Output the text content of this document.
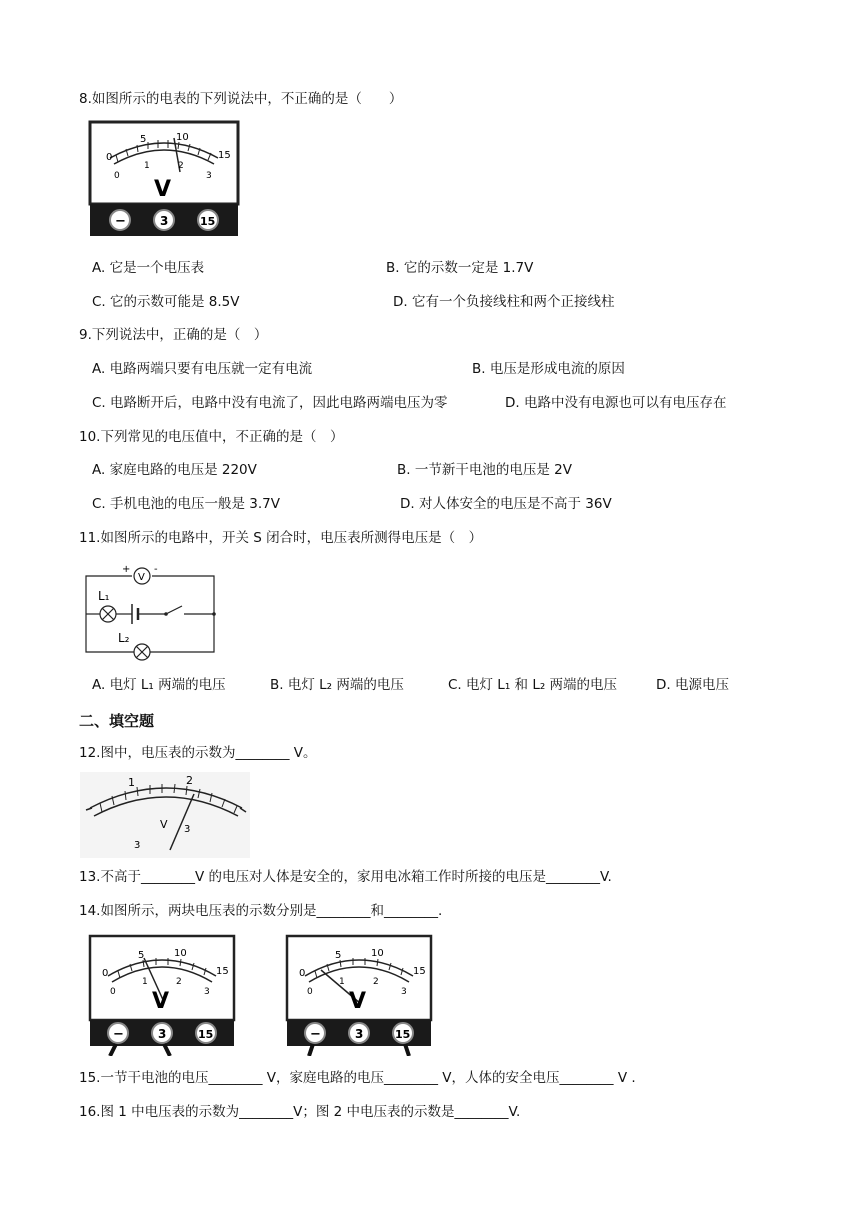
8.如图所示的电表的下列说法中，不正确的是（　　）
0
5	10
15
0
1	2
3
V
−	3	15
A. 它是一个电压表	B. 它的示数一定是 1.7V
C. 它的示数可能是 8.5V	D. 它有一个负接线柱和两个正接线柱
9.下列说法中，正确的是（　）
A. 电路两端只要有电压就一定有电流	B. 电压是形成电流的原因
C. 电路断开后，电路中没有电流了，因此电路两端电压为零	D. 电路中没有电源也可以有电压存在
10.下列常见的电压值中，不正确的是（　）
A. 家庭电路的电压是 220V	B. 一节新干电池的电压是 2V
C. 手机电池的电压一般是 3.7V	D. 对人体安全的电压是不高于 36V
11.如图所示的电路中，开关 S 闭合时，电压表所测得电压是（　）
V
+ -
L₁
L₂
A. 电灯 L₁ 两端的电压	B. 电灯 L₂ 两端的电压	C. 电灯 L₁ 和 L₂ 两端的电压	D. 电源电压
二、填空题
12.图中，电压表的示数为________ V。
1	2
V
3
3
13.不高于________V 的电压对人体是安全的，家用电冰箱工作时所接的电压是________V.
14.如图所示，两块电压表的示数分别是________和________.
0
5	10
15
0
1	2
3
V
−	3	15
0
5	10
15
0
1	2
3
V
−	3	15
15.一节干电池的电压________ V，家庭电路的电压________ V，人体的安全电压________ V .
16.图 1 中电压表的示数为________V；图 2 中电压表的示数是________V.
